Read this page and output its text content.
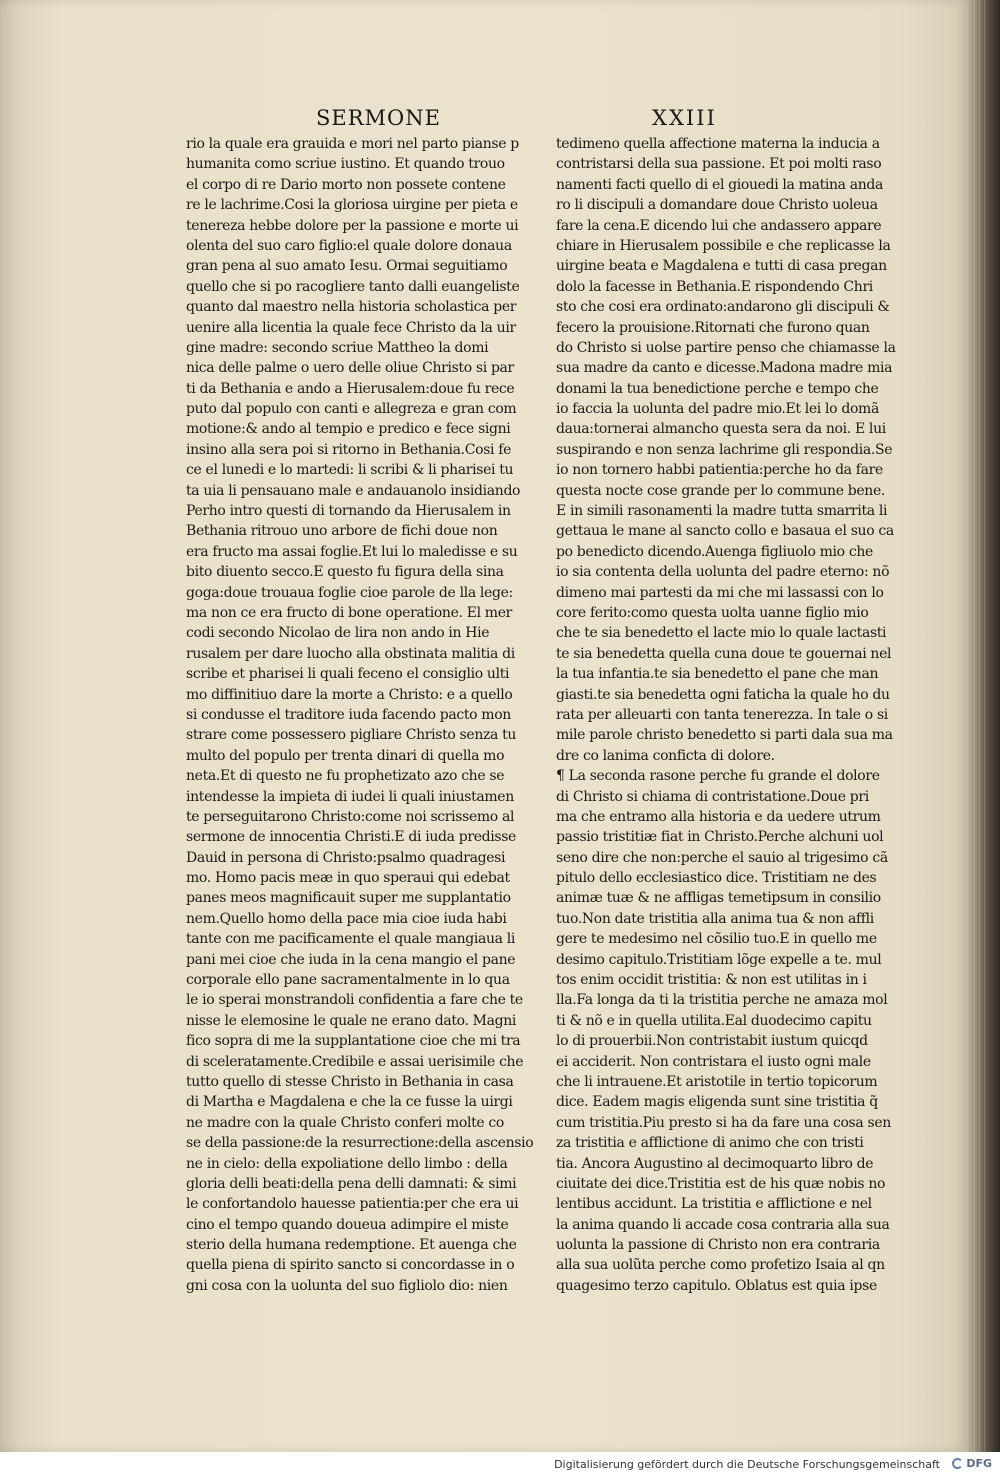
SERMONE	XXIII
rio la quale era grauida e mori nel parto pianse p
humanita como scriue iustino. Et quando trouo
el corpo di re Dario morto non possete contene
re le lachrime.Cosi la gloriosa uirgine per pieta e
tenereza hebbe dolore per la passione e morte ui
olenta del suo caro figlio:el quale dolore donaua
gran pena al suo amato Iesu. Ormai seguitiamo
quello che si po racogliere tanto dalli euangeliste
quanto dal maestro nella historia scholastica per
uenire alla licentia la quale fece Christo da la uir
gine madre: secondo scriue Mattheo la domi
nica delle palme o uero delle oliue Christo si par
ti da Bethania e ando a Hierusalem:doue fu rece
puto dal populo con canti e allegreza e gran com
motione:& ando al tempio e predico e fece signi
insino alla sera poi si ritorno in Bethania.Cosi fe
ce el lunedi e lo martedi: li scribi & li pharisei tu
ta uia li pensauano male e andauanolo insidiando
Perho intro questi di tornando da Hierusalem in
Bethania ritrouo uno arbore de fichi doue non
era fructo ma assai foglie.Et lui lo maledisse e su
bito diuento secco.E questo fu figura della sina
goga:doue trouaua foglie cioe parole de lla lege:
ma non ce era fructo di bone operatione. El mer
codi secondo Nicolao de lira non ando in Hie
rusalem per dare luocho alla obstinata malitia di
scribe et pharisei li quali feceno el consiglio ulti
mo diffinitiuo dare la morte a Christo: e a quello
si condusse el traditore iuda facendo pacto mon
strare come possessero pigliare Christo senza tu
multo del populo per trenta dinari di quella mo
neta.Et di questo ne fu prophetizato azo che se
intendesse la impieta di iudei li quali iniustamen
te perseguitarono Christo:come noi scrissemo al
sermone de innocentia Christi.E di iuda predisse
Dauid in persona di Christo:psalmo quadragesi
mo. Homo pacis meæ in quo speraui qui edebat
panes meos magnificauit super me supplantatio
nem.Quello homo della pace mia cioe iuda habi
tante con me pacificamente el quale mangiaua li
pani mei cioe che iuda in la cena mangio el pane
corporale ello pane sacramentalmente in lo qua
le io sperai monstrandoli confidentia a fare che te
nisse le elemosine le quale ne erano dato. Magni
fico sopra di me la supplantatione cioe che mi tra
di sceleratamente.Credibile e assai uerisimile che
tutto quello di stesse Christo in Bethania in casa
di Martha e Magdalena e che la ce fusse la uirgi
ne madre con la quale Christo conferi molte co
se della passione:de la resurrectione:della ascensio
ne in cielo: della expoliatione dello limbo : della
gloria delli beati:della pena delli damnati: & simi
le confortandolo hauesse patientia:per che era ui
cino el tempo quando doueua adimpire el miste
sterio della humana redemptione. Et auenga che
quella piena di spirito sancto si concordasse in o
gni cosa con la uolunta del suo figliolo dio: nien
tedimeno quella affectione materna la inducia a
contristarsi della sua passione. Et poi molti raso
namenti facti quello di el giouedi la matina anda
ro li discipuli a domandare doue Christo uoleua
fare la cena.E dicendo lui che andassero appare
chiare in Hierusalem possibile e che replicasse la
uirgine beata e Magdalena e tutti di casa pregan
dolo la facesse in Bethania.E rispondendo Chri
sto che cosi era ordinato:andarono gli discipuli &
fecero la prouisione.Ritornati che furono quan
do Christo si uolse partire penso che chiamasse la
sua madre da canto e dicesse.Madona madre mia
donami la tua benedictione perche e tempo che
io faccia la uolunta del padre mio.Et lei lo domã
daua:tornerai almancho questa sera da noi. E lui
suspirando e non senza lachrime gli respondia.Se
io non tornero habbi patientia:perche ho da fare
questa nocte cose grande per lo commune bene.
E in simili rasonamenti la madre tutta smarrita li
gettaua le mane al sancto collo e basaua el suo ca
po benedicto dicendo.Auenga figliuolo mio che
io sia contenta della uolunta del padre eterno: nõ
dimeno mai partesti da mi che mi lassassi con lo
core ferito:como questa uolta uanne figlio mio
che te sia benedetto el lacte mio lo quale lactasti
te sia benedetta quella cuna doue te gouernai nel
la tua infantia.te sia benedetto el pane che man
giasti.te sia benedetta ogni faticha la quale ho du
rata per alleuarti con tanta tenerezza. In tale o si
mile parole christo benedetto si parti dala sua ma
dre co lanima conficta di dolore.
¶ La seconda rasone perche fu grande el dolore
di Christo si chiama di contristatione.Doue pri
ma che entramo alla historia e da uedere utrum
passio tristitiæ fiat in Christo.Perche alchuni uol
seno dire che non:perche el sauio al trigesimo cã
pitulo dello ecclesiastico dice. Tristitiam ne des
animæ tuæ & ne affligas temetipsum in consilio
tuo.Non date tristitia alla anima tua & non affli
gere te medesimo nel cõsilio tuo.E in quello me
desimo capitulo.Tristitiam lõge expelle a te. mul
tos enim occidit tristitia: & non est utilitas in i
lla.Fa longa da ti la tristitia perche ne amaza mol
ti & nõ e in quella utilita.Eal duodecimo capitu
lo di prouerbii.Non contristabit iustum quicqd
ei acciderit. Non contristara el iusto ogni male
che li intrauene.Et aristotile in tertio topicorum
dice. Eadem magis eligenda sunt sine tristitia q̃
cum tristitia.Piu presto si ha da fare una cosa sen
za tristitia e afflictione di animo che con tristi
tia. Ancora Augustino al decimoquarto libro de
ciuitate dei dice.Tristitia est de his quæ nobis no
lentibus accidunt. La tristitia e afflictione e nel
la anima quando li accade cosa contraria alla sua
uolunta la passione di Christo non era contraria
alla sua uolũta perche como profetizo Isaia al qn
quagesimo terzo capitulo. Oblatus est quia ipse
Digitalisierung gefördert durch die Deutsche Forschungsgemeinschaft DFG
